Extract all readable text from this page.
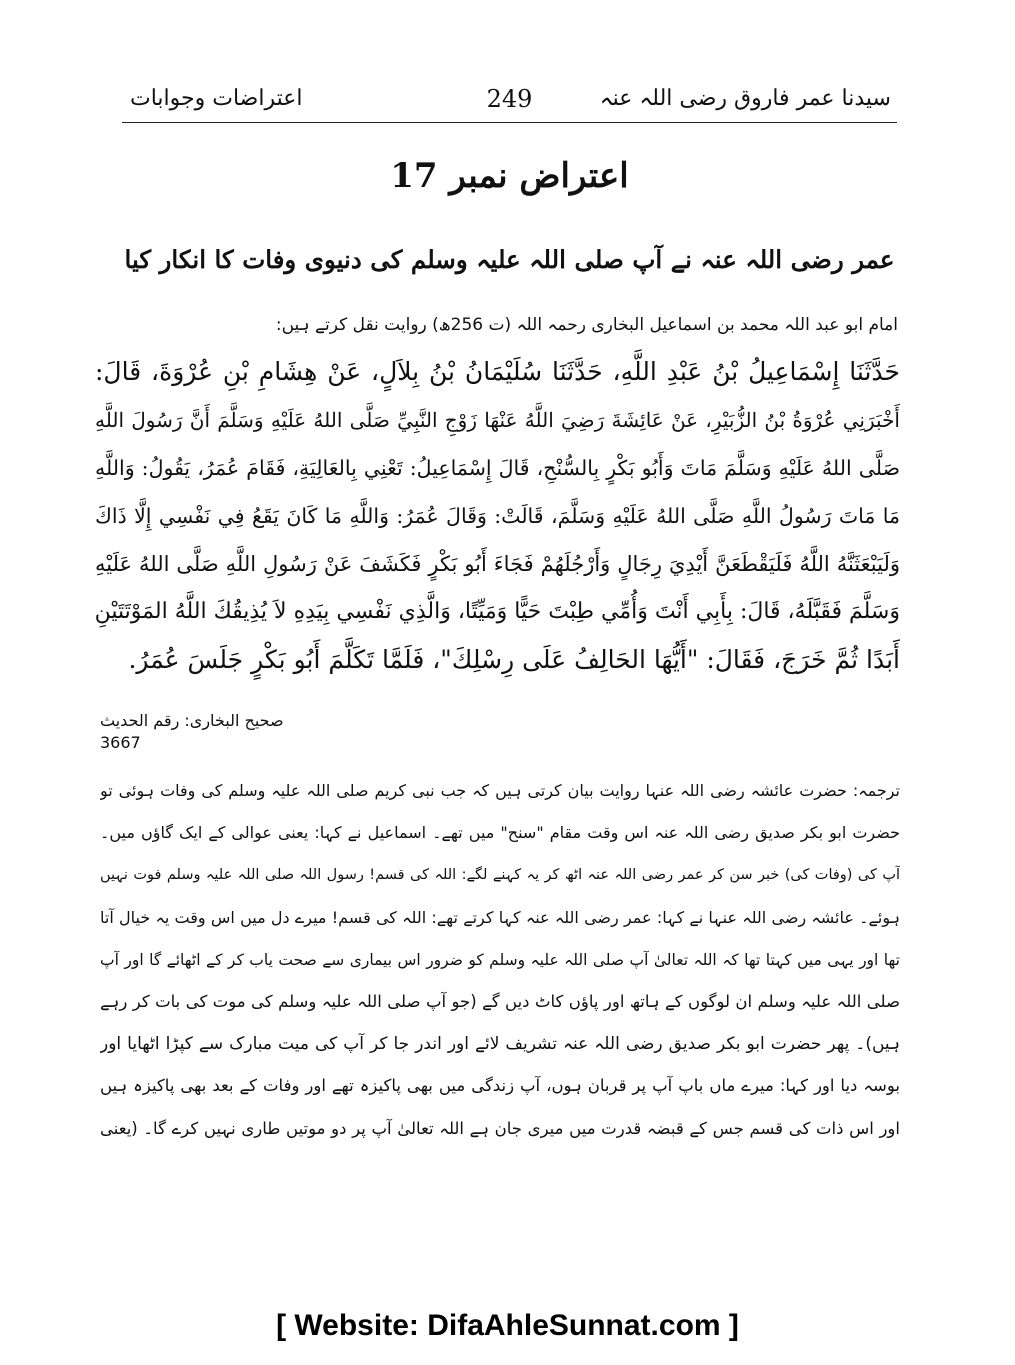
اعتراضات وجوابات	249	سیدنا عمر فاروق رضی اللہ عنہ
اعتراض نمبر 17
عمر رضی اللہ عنہ نے آپ صلی اللہ علیہ وسلم کی دنیوی وفات کا انکار کیا
امام ابو عبد اللہ محمد بن اسماعیل البخاری رحمہ اللہ (ت 256ھ) روایت نقل کرتے ہیں:
حَدَّثَنَا إِسْمَاعِيلُ بْنُ عَبْدِ اللَّهِ، حَدَّثَنَا سُلَيْمَانُ بْنُ بِلاَلٍ، عَنْ هِشَامِ بْنِ عُرْوَةَ، قَالَ:
أَخْبَرَنِي عُرْوَةُ بْنُ الزُّبَيْرِ، عَنْ عَائِشَةَ رَضِيَ اللَّهُ عَنْهَا زَوْجِ النَّبِيِّ صَلَّى اللهُ عَلَيْهِ وَسَلَّمَ أَنَّ رَسُولَ اللَّهِ
صَلَّى اللهُ عَلَيْهِ وَسَلَّمَ مَاتَ وَأَبُو بَكْرٍ بِالسُّنْحِ، قَالَ إِسْمَاعِيلُ: تَعْنِي بِالعَالِيَةِ، فَقَامَ عُمَرُ، يَقُولُ: وَاللَّهِ
مَا مَاتَ رَسُولُ اللَّهِ صَلَّى اللهُ عَلَيْهِ وَسَلَّمَ، قَالَتْ: وَقَالَ عُمَرُ: وَاللَّهِ مَا كَانَ يَقَعُ فِي نَفْسِي إِلَّا ذَاكَ
وَلَيَبْعَثَنَّهُ اللَّهُ فَلَيَقْطَعَنَّ أَيْدِيَ رِجَالٍ وَأَرْجُلَهُمْ فَجَاءَ أَبُو بَكْرٍ فَكَشَفَ عَنْ رَسُولِ اللَّهِ صَلَّى اللهُ عَلَيْهِ
وَسَلَّمَ فَقَبَّلَهُ، قَالَ: بِأَبِي أَنْتَ وَأُمِّي طِبْتَ حَيًّا وَمَيِّتًا، وَالَّذِي نَفْسِي بِيَدِهِ لاَ يُذِيقُكَ اللَّهُ المَوْتَتَيْنِ
أَبَدًا ثُمَّ خَرَجَ، فَقَالَ: "أَيُّهَا الحَالِفُ عَلَى رِسْلِكَ"، فَلَمَّا تَكَلَّمَ أَبُو بَكْرٍ جَلَسَ عُمَرُ.
صحیح البخاری: رقم الحدیث
3667
ترجمہ: حضرت عائشہ رضی اللہ عنہا روایت بیان کرتی ہیں کہ جب نبی کریم صلی اللہ علیہ وسلم کی وفات ہوئی تو
حضرت ابو بکر صدیق رضی اللہ عنہ اس وقت مقام "سنح" میں تھے۔ اسماعیل نے کہا: یعنی عوالی کے ایک گاؤں میں۔
آپ کی (وفات کی) خبر سن کر عمر رضی اللہ عنہ اٹھ کر یہ کہنے لگے: اللہ کی قسم! رسول اللہ صلی اللہ علیہ وسلم فوت نہیں
ہوئے۔ عائشہ رضی اللہ عنہا نے کہا: عمر رضی اللہ عنہ کہا کرتے تھے: اللہ کی قسم! میرے دل میں اس وقت یہ خیال آتا
تھا اور یہی میں کہتا تھا کہ اللہ تعالیٰ آپ صلی اللہ علیہ وسلم کو ضرور اس بیماری سے صحت یاب کر کے اٹھائے گا اور آپ
صلی اللہ علیہ وسلم ان لوگوں کے ہاتھ اور پاؤں کاٹ دیں گے (جو آپ صلی اللہ علیہ وسلم کی موت کی بات کر رہے
ہیں)۔ پھر حضرت ابو بکر صدیق رضی اللہ عنہ تشریف لائے اور اندر جا کر آپ کی میت مبارک سے کپڑا اٹھایا اور
بوسہ دیا اور کہا: میرے ماں باپ آپ پر قربان ہوں، آپ زندگی میں بھی پاکیزہ تھے اور وفات کے بعد بھی پاکیزہ ہیں
اور اس ذات کی قسم جس کے قبضہ قدرت میں میری جان ہے اللہ تعالیٰ آپ پر دو موتیں طاری نہیں کرے گا۔ (یعنی
[ Website: DifaAhleSunnat.com ]
